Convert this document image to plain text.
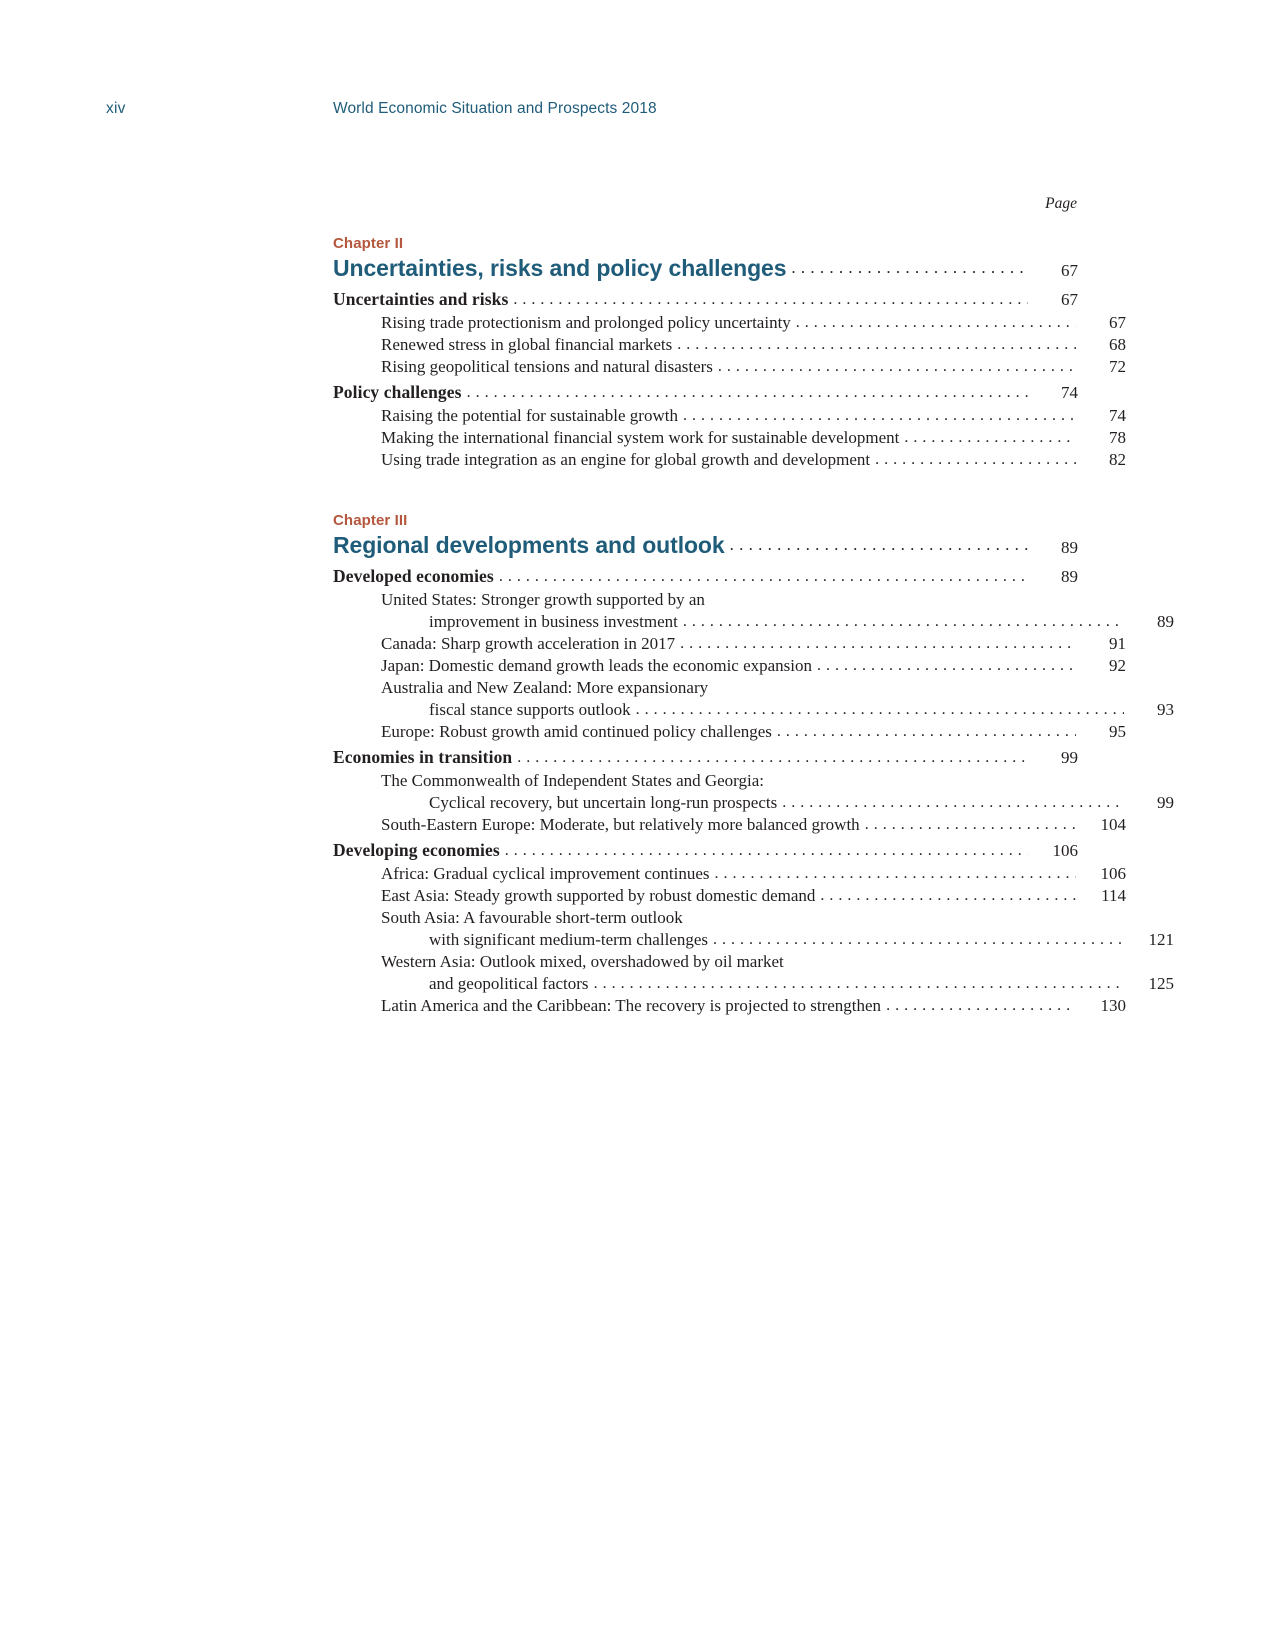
xiv	World Economic Situation and Prospects 2018
Page
Chapter II
Uncertainties, risks and policy challenges . . .	67
Uncertainties and risks . . .	67
Rising trade protectionism and prolonged policy uncertainty . . .	67
Renewed stress in global financial markets . . .	68
Rising geopolitical tensions and natural disasters . . .	72
Policy challenges . . .	74
Raising the potential for sustainable growth . . .	74
Making the international financial system work for sustainable development . . .	78
Using trade integration as an engine for global growth and development . . .	82
Chapter III
Regional developments and outlook . . .	89
Developed economies . . .	89
United States: Stronger growth supported by an
improvement in business investment . . .	89
Canada: Sharp growth acceleration in 2017 . . .	91
Japan: Domestic demand growth leads the economic expansion . . .	92
Australia and New Zealand: More expansionary
fiscal stance supports outlook . . .	93
Europe: Robust growth amid continued policy challenges . . .	95
Economies in transition . . .	99
The Commonwealth of Independent States and Georgia:
Cyclical recovery, but uncertain long-run prospects . . .	99
South-Eastern Europe: Moderate, but relatively more balanced growth . . .	104
Developing economies . . .	106
Africa: Gradual cyclical improvement continues . . .	106
East Asia: Steady growth supported by robust domestic demand . . .	114
South Asia: A favourable short-term outlook
with significant medium-term challenges . . .	121
Western Asia: Outlook mixed, overshadowed by oil market
and geopolitical factors . . .	125
Latin America and the Caribbean: The recovery is projected to strengthen . . .	130
